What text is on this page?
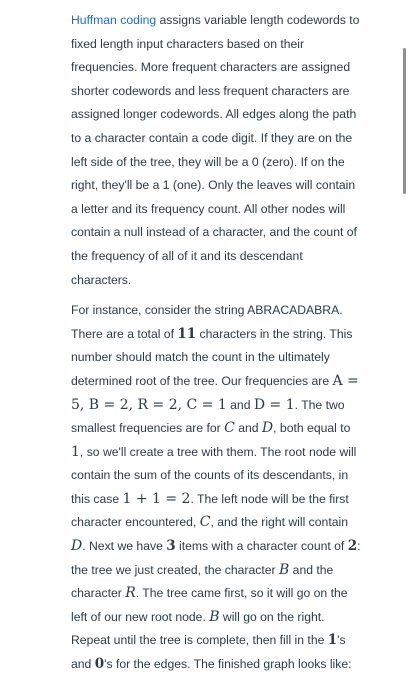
Huffman coding assigns variable length codewords to fixed length input characters based on their frequencies. More frequent characters are assigned shorter codewords and less frequent characters are assigned longer codewords. All edges along the path to a character contain a code digit. If they are on the left side of the tree, they will be a 0 (zero). If on the right, they'll be a 1 (one). Only the leaves will contain a letter and its frequency count. All other nodes will contain a null instead of a character, and the count of the frequency of all of it and its descendant characters.

For instance, consider the string ABRACADABRA. There are a total of 11 characters in the string. This number should match the count in the ultimately determined root of the tree. Our frequencies are A = 5, B = 2, R = 2, C = 1 and D = 1. The two smallest frequencies are for C and D, both equal to 1, so we'll create a tree with them. The root node will contain the sum of the counts of its descendants, in this case 1 + 1 = 2. The left node will be the first character encountered, C, and the right will contain D. Next we have 3 items with a character count of 2: the tree we just created, the character B and the character R. The tree came first, so it will go on the left of our new root node. B will go on the right. Repeat until the tree is complete, then fill in the 1's and 0's for the edges. The finished graph looks like:
